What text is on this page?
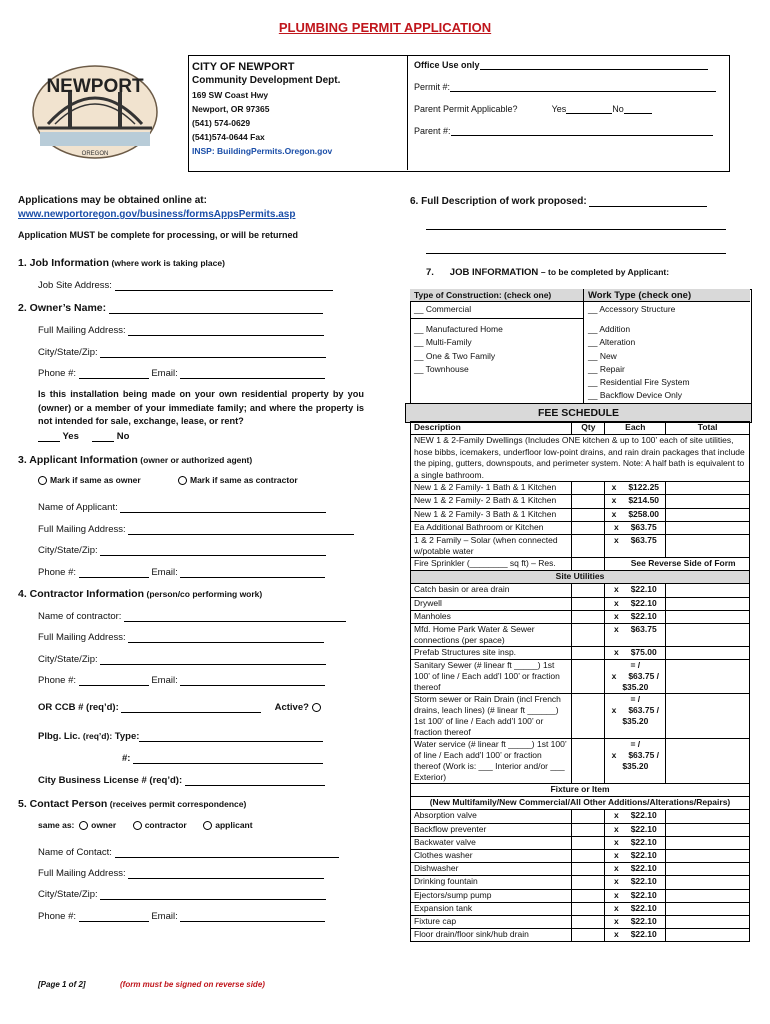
PLUMBING PERMIT APPLICATION
NEWPORT
OREGON
CITY OF NEWPORT
Community Development Dept.
169 SW Coast Hwy
Newport, OR 97365
(541) 574-0629
(541)574-0644 Fax
INSP: BuildingPermits.Oregon.gov
Office Use only
Permit #:
Parent Permit Applicable?	Yes	No
Parent #:
Applications may be obtained online at:
www.newportoregon.gov/business/formsAppsPermits.asp
Application MUST be complete for processing, or will be returned
1. Job Information (where work is taking place)
Job Site Address:
2. Owner’s Name:
Full Mailing Address:
City/State/Zip:
Phone #:	Email:
Is this installation being made on your own residential property by you (owner) or a member of your immediate family; and where the property is not intended for sale, exchange, lease, or rent?
Yes	No
3. Applicant Information (owner or authorized agent)
Mark if same as owner	Mark if same as contractor
Name of Applicant:
Full Mailing Address:
City/State/Zip:
Phone #:	Email:
4. Contractor Information (person/co performing work)
Name of contractor:
Full Mailing Address:
City/State/Zip:
Phone #:	Email:
OR CCB # (req’d):	Active?
Plbg. Lic. (req’d): Type:
#:
City Business License # (req’d):
5. Contact Person (receives permit correspondence)
same as: owner	contractor	applicant
Name of Contact:
Full Mailing Address:
City/State/Zip:
Phone #:	Email:
[Page 1 of 2]	(form must be signed on reverse side)
6. Full Description of work proposed:
7. JOB INFORMATION – to be completed by Applicant:
Type of Construction: (check one)	Work Type (check one)
__ Commercial
__ Manufactured Home
__ Multi-Family
__ One & Two Family
__ Townhouse
__ Accessory Structure
__ Addition
__ Alteration
__ New
__ Repair
__ Residential Fire System
__ Backflow Device Only
FEE SCHEDULE
Description	Qty	Each	Total
NEW 1 & 2-Family Dwellings (Includes ONE kitchen & up to 100’ each of site utilities, hose bibbs, icemakers, underfloor low-point drains, and rain drain packages that include the piping, gutters, downspouts, and perimeter system. Note: A half bath is equivalent to a single bathroom.			
New 1 & 2 Family- 1 Bath & 1 Kitchen		x $122.25	
New 1 & 2 Family- 2 Bath & 1 Kitchen		x $214.50	
New 1 & 2 Family- 3 Bath & 1 Kitchen		x $258.00	
Ea Additional Bathroom or Kitchen		x $63.75	
1 & 2 Family – Solar (when connected w/potable water		x $63.75	
Fire Sprinkler (________ sq ft) – Res.		See Reverse Side of Form	
Site Utilities			
Catch basin or area drain		x $22.10	
Drywell		x $22.10	
Manholes		x $22.10	
Mfd. Home Park Water & Sewer connections (per space)		x $63.75	
Prefab Structures site insp.		x $75.00	
Sanitary Sewer (# linear ft _____) 1st 100’ of line / Each add’l 100’ or fraction thereof		= / x $63.75 / $35.20	
Storm sewer or Rain Drain (incl French drains, leach lines) (# linear ft ______) 1st 100’ of line / Each add’l 100’ or fraction thereof		= / x $63.75 / $35.20	
Water service (# linear ft _____) 1st 100’ of line / Each add’l 100’ or fraction thereof (Work is: ___ Interior and/or ___ Exterior)		= / x $63.75 / $35.20	
Fixture or Item			
(New Multifamily/New Commercial/All Other Additions/Alterations/Repairs)			
Absorption valve		x $22.10	
Backflow preventer		x $22.10	
Backwater valve		x $22.10	
Clothes washer		x $22.10	
Dishwasher		x $22.10	
Drinking fountain		x $22.10	
Ejectors/sump pump		x $22.10	
Expansion tank		x $22.10	
Fixture cap		x $22.10	
Floor drain/floor sink/hub drain		x $22.10	
